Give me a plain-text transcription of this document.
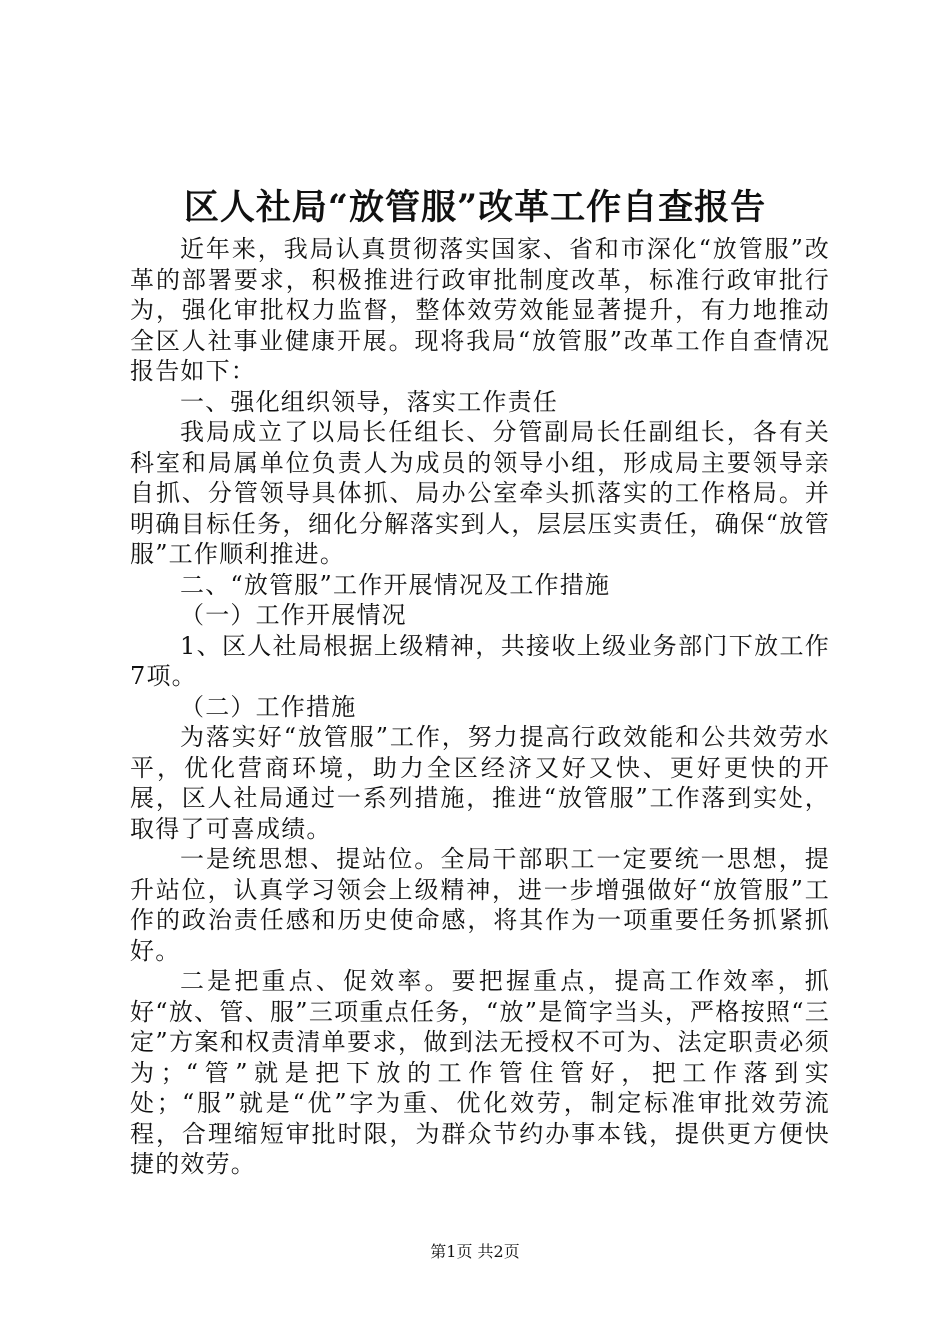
区人社局“放管服”改革工作自查报告

近年来，我局认真贯彻落实国家、省和市深化“放管服”改革的部署要求，积极推进行政审批制度改革，标准行政审批行为，强化审批权力监督，整体效劳效能显著提升，有力地推动全区人社事业健康开展。现将我局“放管服”改革工作自查情况报告如下：

一、强化组织领导，落实工作责任

我局成立了以局长任组长、分管副局长任副组长，各有关科室和局属单位负责人为成员的领导小组，形成局主要领导亲自抓、分管领导具体抓、局办公室牵头抓落实的工作格局。并明确目标任务，细化分解落实到人，层层压实责任，确保“放管服”工作顺利推进。

二、“放管服”工作开展情况及工作措施

（一）工作开展情况

1、区人社局根据上级精神，共接收上级业务部门下放工作7项。

（二）工作措施

为落实好“放管服”工作，努力提高行政效能和公共效劳水平，优化营商环境，助力全区经济又好又快、更好更快的开展，区人社局通过一系列措施，推进“放管服”工作落到实处，取得了可喜成绩。

一是统思想、提站位。全局干部职工一定要统一思想，提升站位，认真学习领会上级精神，进一步增强做好“放管服”工作的政治责任感和历史使命感，将其作为一项重要任务抓紧抓好。

二是把重点、促效率。要把握重点，提高工作效率，抓好“放、管、服”三项重点任务，“放”是简字当头，严格按照“三定”方案和权责清单要求，做到法无授权不可为、法定职责必须为；“管”就是把下放的工作管住管好，把工作落到实处；“服”就是“优”字为重、优化效劳，制定标准审批效劳流程，合理缩短审批时限，为群众节约办事本钱，提供更方便快捷的效劳。

第1页 共2页
